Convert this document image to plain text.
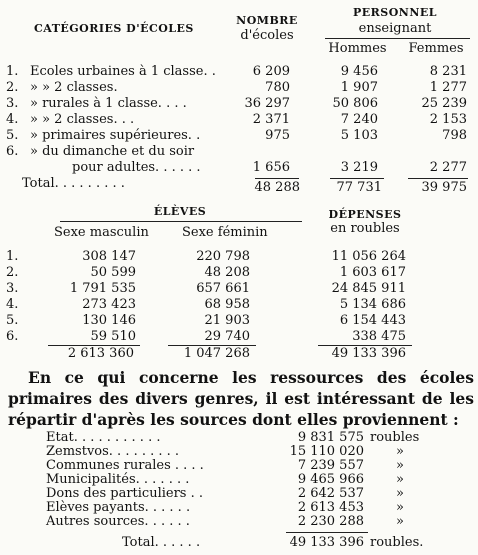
CATÉGORIES D'ÉCOLES
NOMBRE
d'écoles
PERSONNEL
enseignant
Hommes	Femmes
1. Ecoles urbaines à 1 classe. .	6 209	9 456	8 231
2. » » 2 classes.	780	1 907	1 277
3. » rurales à 1 classe. . . .	36 297	50 806	25 239
4. » » 2 classes. . .	2 371	7 240	2 153
5. » primaires supérieures. .	975	5 103	798
6. » du dimanche et du soir
pour adultes. . . . . .	1 656	3 219	2 277
Total. . . . . . . . .	48 288	77 731	39 975
ÉLÈVES
Sexe masculin	Sexe féminin
DÉPENSES
en roubles
1.	308 147	220 798	11 056 264
2.	50 599	48 208	1 603 617
3.	1 791 535	657 661	24 845 911
4.	273 423	68 958	5 134 686
5.	130 146	21 903	6 154 443
6.	59 510	29 740	338 475
2 613 360	1 047 268	49 133 396
En ce qui concerne les ressources des écoles primaires des divers genres, il est intéressant de les répartir d'après les sources dont elles proviennent :
Etat. . . . . . . . . . .	9 831 575 roubles
Zemstvos. . . . . . . . .	15 110 020 »
Communes rurales . . . .	7 239 557 »
Municipalités. . . . . . .	9 465 966 »
Dons des particuliers . .	2 642 537 »
Elèves payants. . . . . .	2 613 453 »
Autres sources. . . . . .	2 230 288 »
Total. . . . . .	49 133 396 roubles.
